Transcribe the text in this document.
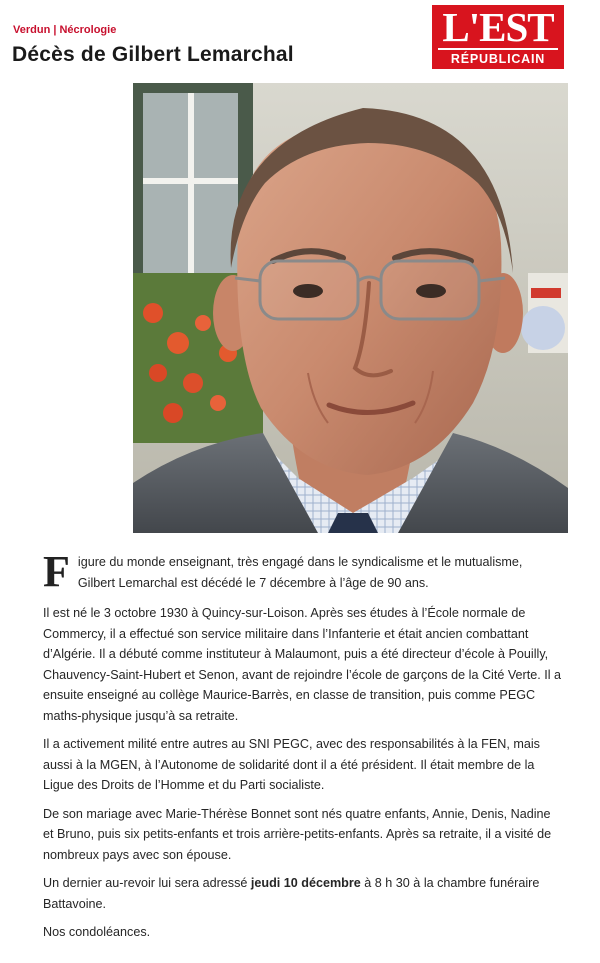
Verdun | Nécrologie
Décès de Gilbert Lemarchal
L'EST
RÉPUBLICAIN

Figure du monde enseignant, très engagé dans le syndicalisme et le mutualisme, Gilbert Lemarchal est décédé le 7 décembre à l’âge de 90 ans.

Il est né le 3 octobre 1930 à Quincy-sur-Loison. Après ses études à l’École normale de Commercy, il a effectué son service militaire dans l’Infanterie et était ancien combattant d’Algérie. Il a débuté comme instituteur à Malaumont, puis a été directeur d’école à Pouilly, Chauvency-Saint-Hubert et Senon, avant de rejoindre l’école de garçons de la Cité Verte. Il a ensuite enseigné au collège Maurice-Barrès, en classe de transition, puis comme PEGC maths-physique jusqu’à sa retraite.

Il a activement milité entre autres au SNI PEGC, avec des responsabilités à la FEN, mais aussi à la MGEN, à l’Autonome de solidarité dont il a été président. Il était membre de la Ligue des Droits de l’Homme et du Parti socialiste.

De son mariage avec Marie-Thérèse Bonnet sont nés quatre enfants, Annie, Denis, Nadine et Bruno, puis six petits-enfants et trois arrière-petits-enfants. Après sa retraite, il a visité de nombreux pays avec son épouse.

Un dernier au-revoir lui sera adressé jeudi 10 décembre à 8 h 30 à la chambre funéraire Battavoine.

Nos condoléances.
